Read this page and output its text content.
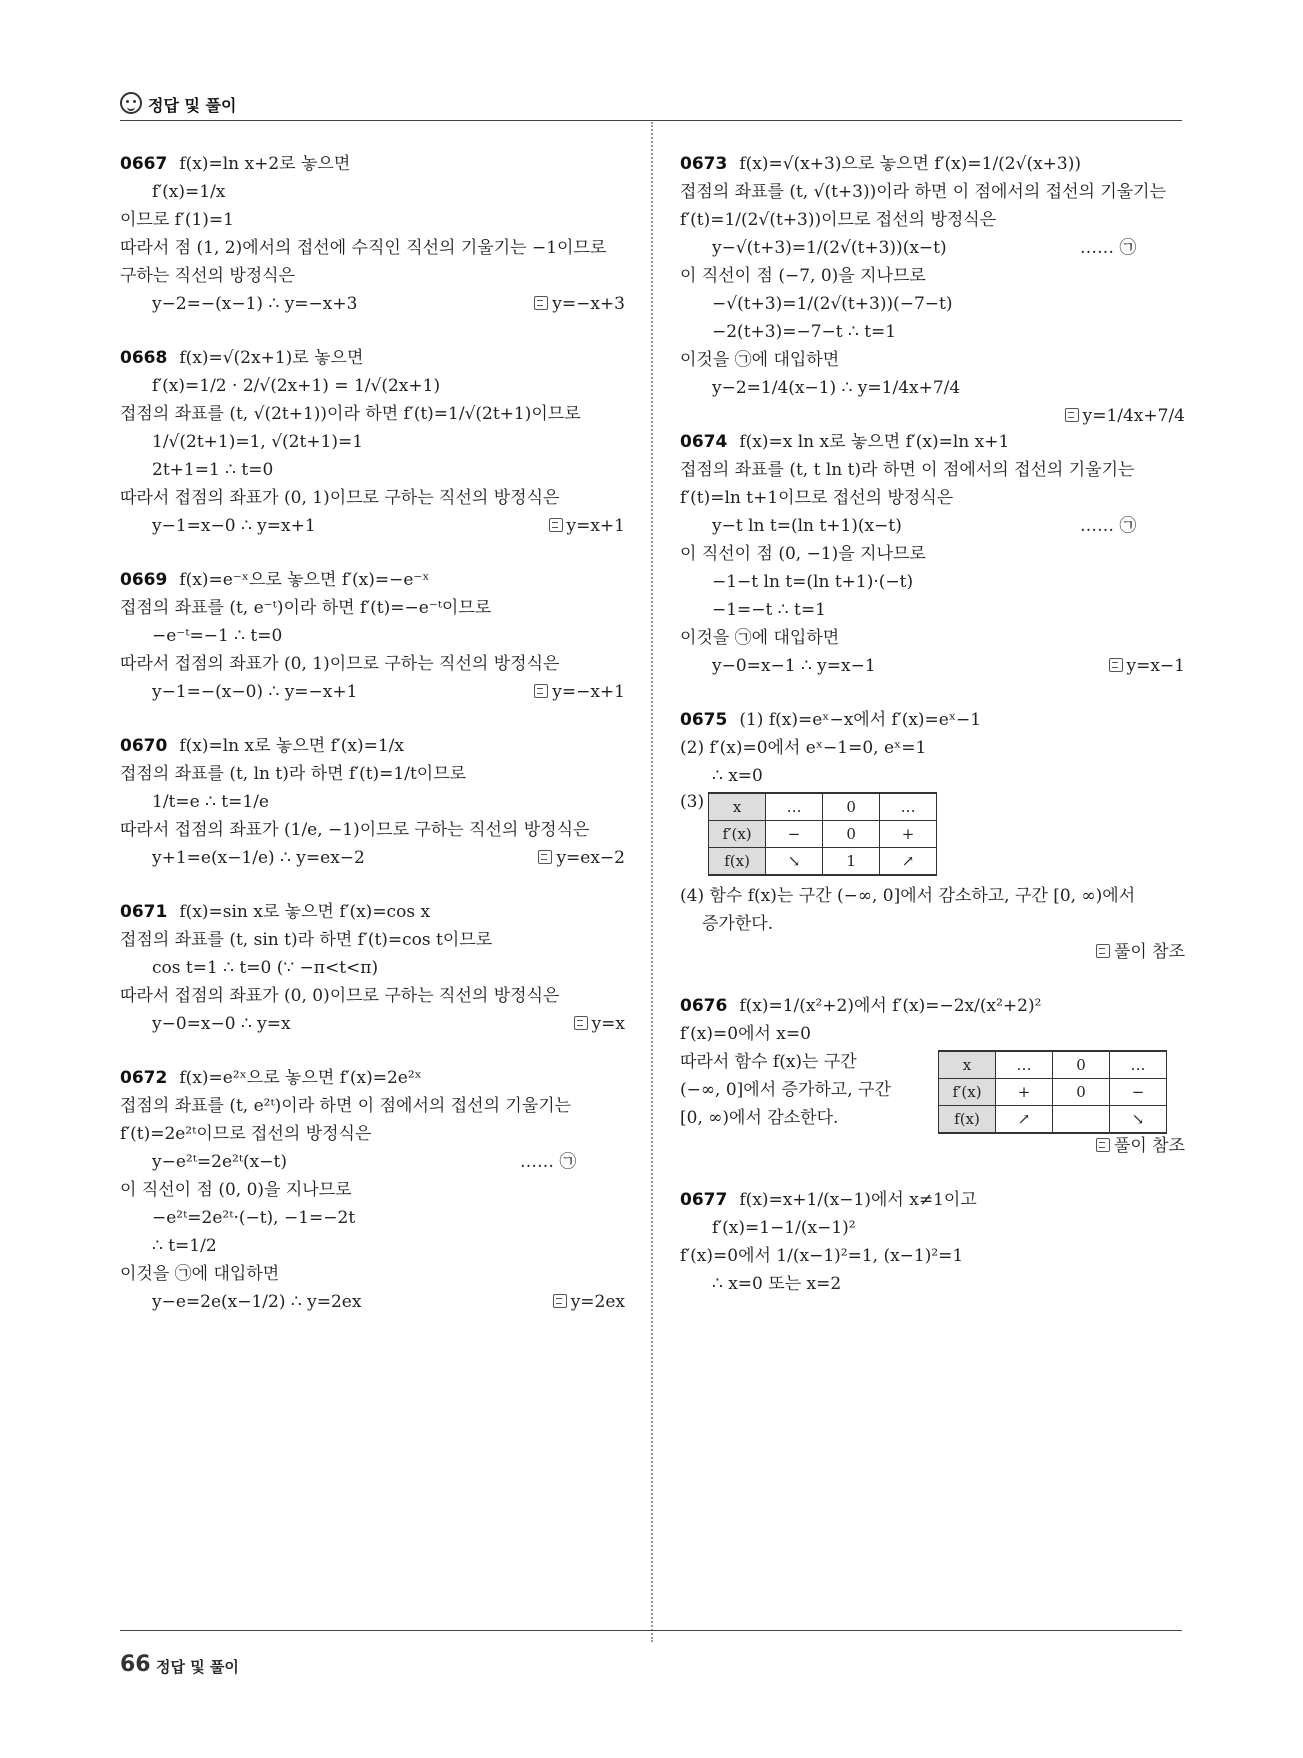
정답 및 풀이
0667 f(x)=ln x+2로 놓으면
f′(x)=1/x
이므로 f′(1)=1
따라서 점 (1, 2)에서의 접선에 수직인 직선의 기울기는 −1이므로
구하는 직선의 방정식은
y−2=−(x−1) ∴ y=−x+3	y=−x+3
0668 f(x)=√(2x+1)로 놓으면
f′(x)=1/2 · 2/√(2x+1) = 1/√(2x+1)
접점의 좌표를 (t, √(2t+1))이라 하면 f′(t)=1/√(2t+1)이므로
1/√(2t+1)=1, √(2t+1)=1
2t+1=1 ∴ t=0
따라서 접점의 좌표가 (0, 1)이므로 구하는 직선의 방정식은
y−1=x−0 ∴ y=x+1	y=x+1
0669 f(x)=e⁻ˣ으로 놓으면 f′(x)=−e⁻ˣ
접점의 좌표를 (t, e⁻ᵗ)이라 하면 f′(t)=−e⁻ᵗ이므로
−e⁻ᵗ=−1 ∴ t=0
따라서 접점의 좌표가 (0, 1)이므로 구하는 직선의 방정식은
y−1=−(x−0) ∴ y=−x+1	y=−x+1
0670 f(x)=ln x로 놓으면 f′(x)=1/x
접점의 좌표를 (t, ln t)라 하면 f′(t)=1/t이므로
1/t=e ∴ t=1/e
따라서 접점의 좌표가 (1/e, −1)이므로 구하는 직선의 방정식은
y+1=e(x−1/e) ∴ y=ex−2	y=ex−2
0671 f(x)=sin x로 놓으면 f′(x)=cos x
접점의 좌표를 (t, sin t)라 하면 f′(t)=cos t이므로
cos t=1 ∴ t=0 (∵ −π<t<π)
따라서 접점의 좌표가 (0, 0)이므로 구하는 직선의 방정식은
y−0=x−0 ∴ y=x	y=x
0672 f(x)=e²ˣ으로 놓으면 f′(x)=2e²ˣ
접점의 좌표를 (t, e²ᵗ)이라 하면 이 점에서의 접선의 기울기는
f′(t)=2e²ᵗ이므로 접선의 방정식은
y−e²ᵗ=2e²ᵗ(x−t)	…… ㉠
이 직선이 점 (0, 0)을 지나므로
−e²ᵗ=2e²ᵗ·(−t), −1=−2t
∴ t=1/2
이것을 ㉠에 대입하면
y−e=2e(x−1/2) ∴ y=2ex	y=2ex
0673 f(x)=√(x+3)으로 놓으면 f′(x)=1/(2√(x+3))
접점의 좌표를 (t, √(t+3))이라 하면 이 점에서의 접선의 기울기는
f′(t)=1/(2√(t+3))이므로 접선의 방정식은
y−√(t+3)=1/(2√(t+3))(x−t)	…… ㉠
이 직선이 점 (−7, 0)을 지나므로
−√(t+3)=1/(2√(t+3))(−7−t)
−2(t+3)=−7−t ∴ t=1
이것을 ㉠에 대입하면
y−2=1/4(x−1) ∴ y=1/4x+7/4
y=1/4x+7/4
0674 f(x)=x ln x로 놓으면 f′(x)=ln x+1
접점의 좌표를 (t, t ln t)라 하면 이 점에서의 접선의 기울기는
f′(t)=ln t+1이므로 접선의 방정식은
y−t ln t=(ln t+1)(x−t)	…… ㉠
이 직선이 점 (0, −1)을 지나므로
−1−t ln t=(ln t+1)·(−t)
−1=−t ∴ t=1
이것을 ㉠에 대입하면
y−0=x−1 ∴ y=x−1	y=x−1
0675 (1) f(x)=eˣ−x에서 f′(x)=eˣ−1
(2) f′(x)=0에서 eˣ−1=0, eˣ=1
∴ x=0
(3) x	…	0	…
f′(x)	−	0	+
f(x)	↘	1	↗
(4) 함수 f(x)는 구간 (−∞, 0]에서 감소하고, 구간 [0, ∞)에서
증가한다.
풀이 참조
0676 f(x)=1/(x²+2)에서 f′(x)=−2x/(x²+2)²
f′(x)=0에서 x=0
따라서 함수 f(x)는 구간
(−∞, 0]에서 증가하고, 구간
[0, ∞)에서 감소한다.
x	…	0	…
f′(x)	+	0	−
f(x)	↗		↘
풀이 참조
0677 f(x)=x+1/(x−1)에서 x≠1이고
f′(x)=1−1/(x−1)²
f′(x)=0에서 1/(x−1)²=1, (x−1)²=1
∴ x=0 또는 x=2
66 정답 및 풀이
